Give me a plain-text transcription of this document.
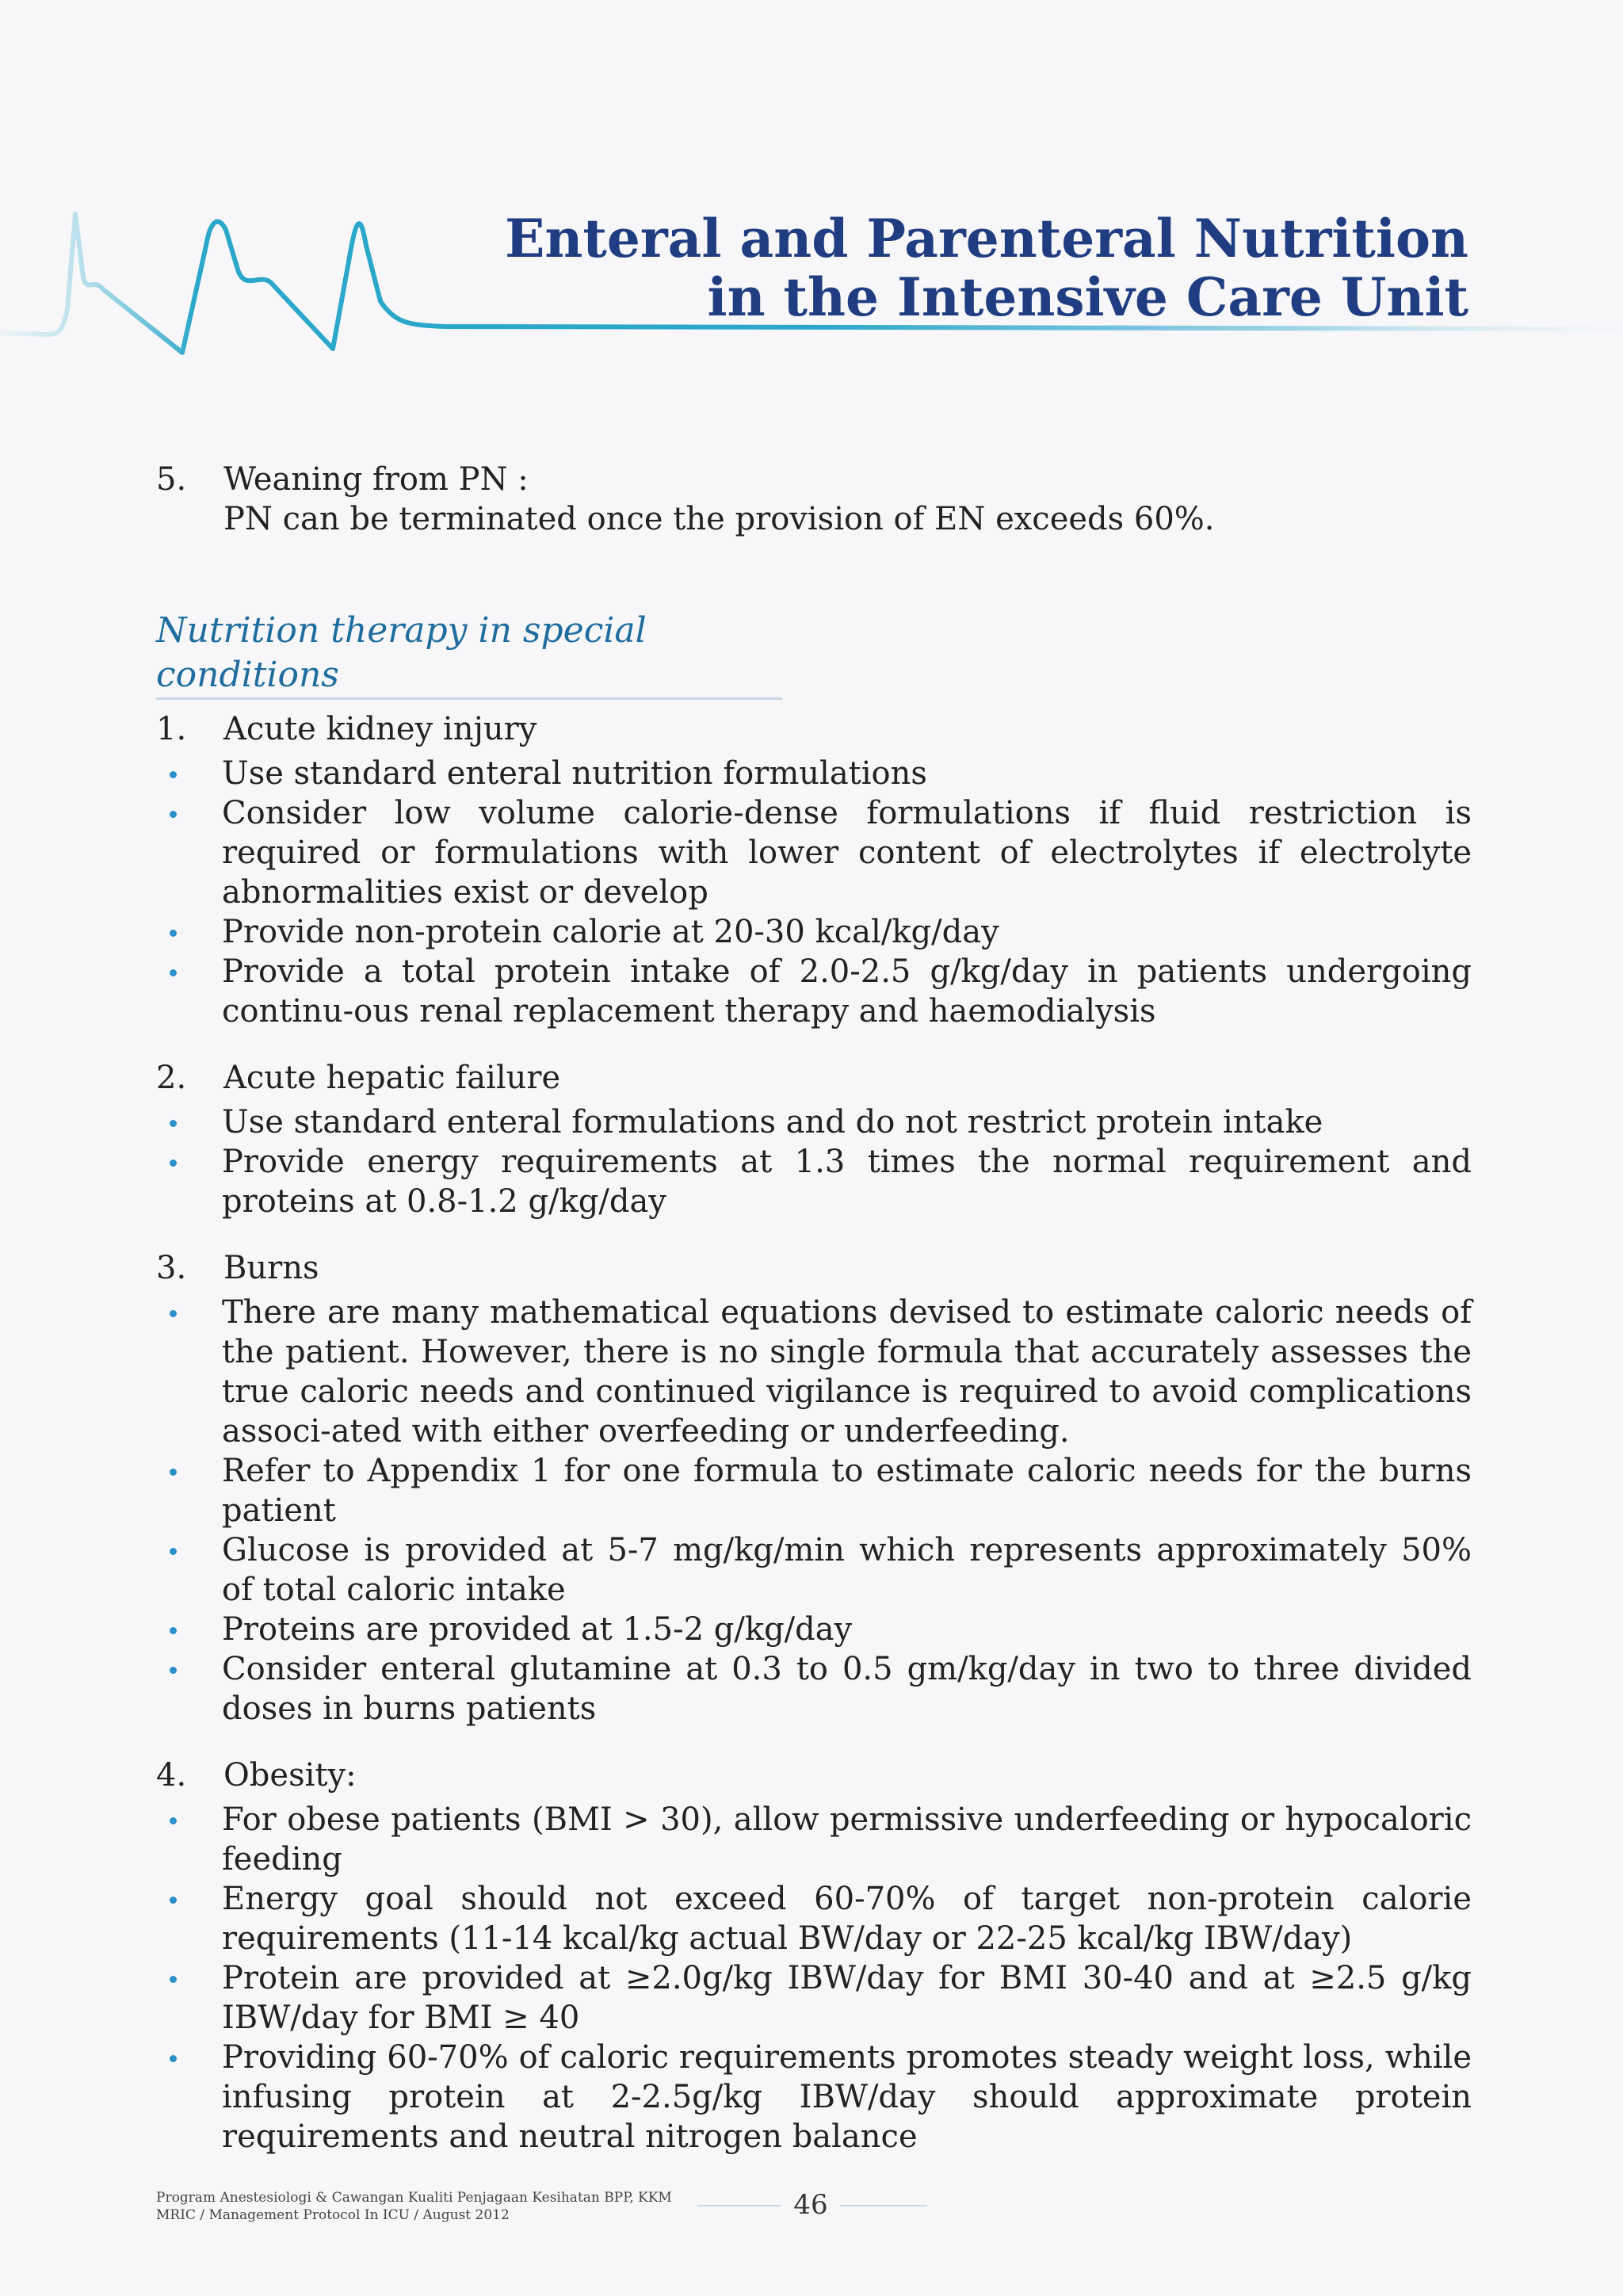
Enteral and Parenteral Nutrition
in the Intensive Care Unit
5. Weaning from PN :
PN can be terminated once the provision of EN exceeds 60%.
Nutrition therapy in special conditions
1. Acute kidney injury
Use standard enteral nutrition formulations
Consider low volume calorie-dense formulations if fluid restriction is required or formulations with lower content of electrolytes if electrolyte abnormalities exist or develop
Provide non-protein calorie at 20-30 kcal/kg/day
Provide a total protein intake of 2.0-2.5 g/kg/day in patients undergoing continu-ous renal replacement therapy and haemodialysis
2. Acute hepatic failure
Use standard enteral formulations and do not restrict protein intake
Provide energy requirements at 1.3 times the normal requirement and proteins at 0.8-1.2 g/kg/day
3. Burns
There are many mathematical equations devised to estimate caloric needs of the patient. However, there is no single formula that accurately assesses the true caloric needs and continued vigilance is required to avoid complications associ-ated with either overfeeding or underfeeding.
Refer to Appendix 1 for one formula to estimate caloric needs for the burns patient
Glucose is provided at 5-7 mg/kg/min which represents approximately 50% of total caloric intake
Proteins are provided at 1.5-2 g/kg/day
Consider enteral glutamine at 0.3 to 0.5 gm/kg/day in two to three divided doses in burns patients
4. Obesity:
For obese patients (BMI > 30), allow permissive underfeeding or hypocaloric feeding
Energy goal should not exceed 60-70% of target non-protein calorie requirements (11-14 kcal/kg actual BW/day or 22-25 kcal/kg IBW/day)
Protein are provided at ≥2.0g/kg IBW/day for BMI 30-40 and at ≥2.5 g/kg IBW/day for BMI ≥ 40
Providing 60-70% of caloric requirements promotes steady weight loss, while infusing protein at 2-2.5g/kg IBW/day should approximate protein requirements and neutral nitrogen balance
Program Anestesiologi & Cawangan Kualiti Penjagaan Kesihatan BPP, KKM
MRIC / Management Protocol In ICU / August 2012	46
